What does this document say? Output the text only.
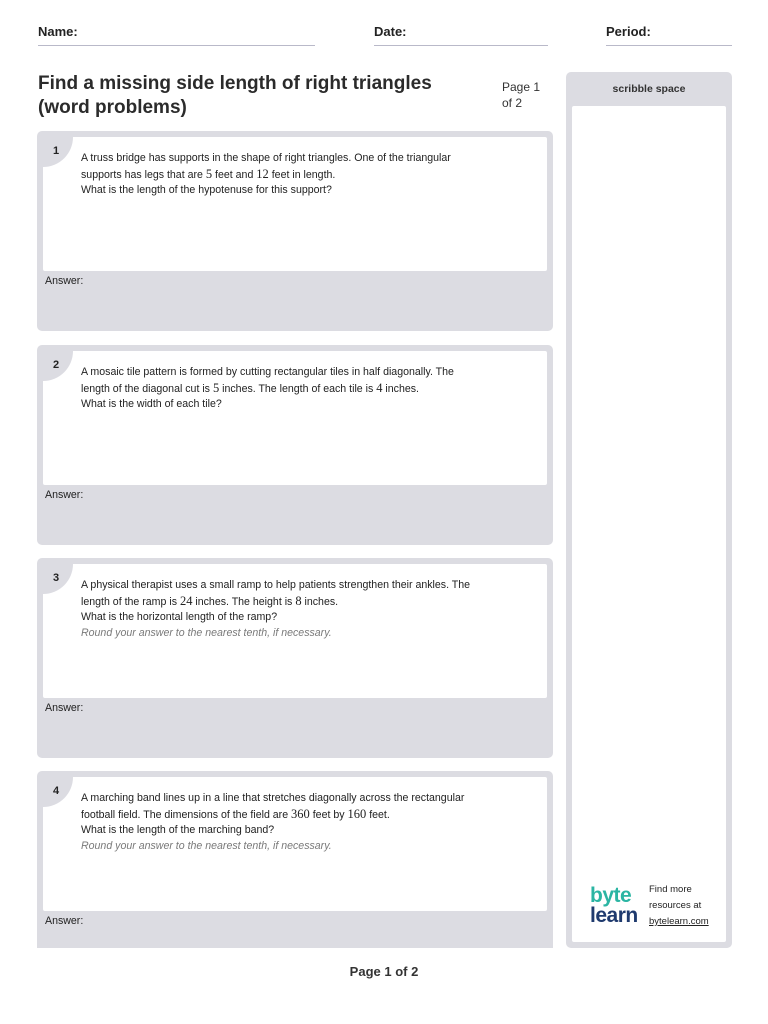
Name:	Date:	Period:
Find a missing side length of right triangles (word problems)
Page 1 of 2
1

A truss bridge has supports in the shape of right triangles. One of the triangular

supports has legs that are 5 feet and 12 feet in length.

What is the length of the hypotenuse for this support?

Answer:
2

A mosaic tile pattern is formed by cutting rectangular tiles in half diagonally. The

length of the diagonal cut is 5 inches. The length of each tile is 4 inches.

What is the width of each tile?

Answer:
3

A physical therapist uses a small ramp to help patients strengthen their ankles. The

length of the ramp is 24 inches. The height is 8 inches.

What is the horizontal length of the ramp?

Round your answer to the nearest tenth, if necessary.

Answer:
4

A marching band lines up in a line that stretches diagonally across the rectangular

football field. The dimensions of the field are 360 feet by 160 feet.

What is the length of the marching band?

Round your answer to the nearest tenth, if necessary.

Answer:
scribble space
byte
learn
Find more
resources at
bytelearn.com
Page 1 of 2
